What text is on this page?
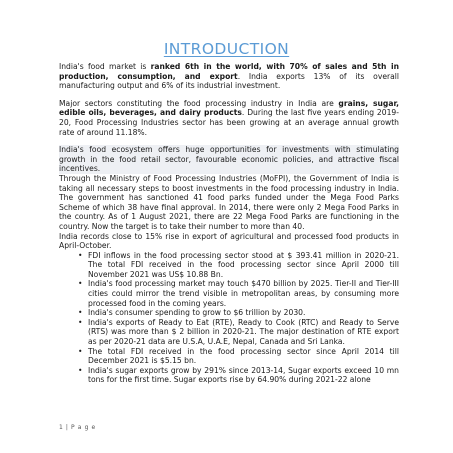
INTRODUCTION

India's food market is ranked 6th in the world, with 70% of sales and 5th in production, consumption, and export. India exports 13% of its overall manufacturing output and 6% of its industrial investment.

Major sectors constituting the food processing industry in India are grains, sugar, edible oils, beverages, and dairy products. During the last five years ending 2019-20, Food Processing Industries sector has been growing at an average annual growth rate of around 11.18%.

India's food ecosystem offers huge opportunities for investments with stimulating growth in the food retail sector, favourable economic policies, and attractive fiscal incentives.

Through the Ministry of Food Processing Industries (MoFPI), the Government of India is taking all necessary steps to boost investments in the food processing industry in India. The government has sanctioned 41 food parks funded under the Mega Food Parks Scheme of which 38 have final approval. In 2014, there were only 2 Mega Food Parks in the country. As of 1 August 2021, there are 22 Mega Food Parks are functioning in the country. Now the target is to take their number to more than 40.

India records close to 15% rise in export of agricultural and processed food products in April-October.

• FDI inflows in the food processing sector stood at $ 393.41 million in 2020-21. The total FDI received in the food processing sector since April 2000 till November 2021 was US$ 10.88 Bn.
• India's food processing market may touch $470 billion by 2025. Tier-II and Tier-III cities could mirror the trend visible in metropolitan areas, by consuming more processed food in the coming years.
• India's consumer spending to grow to $6 trillion by 2030.
• India's exports of Ready to Eat (RTE), Ready to Cook (RTC) and Ready to Serve (RTS) was more than $ 2 billion in 2020-21. The major destination of RTE export as per 2020-21 data are U.S.A, U.A.E, Nepal, Canada and Sri Lanka.
• The total FDI received in the food processing sector since April 2014 till December 2021 is $5.15 bn.
• India's sugar exports grow by 291% since 2013-14, Sugar exports exceed 10 mn tons for the first time. Sugar exports rise by 64.90% during 2021-22 alone
1 | P a g e
